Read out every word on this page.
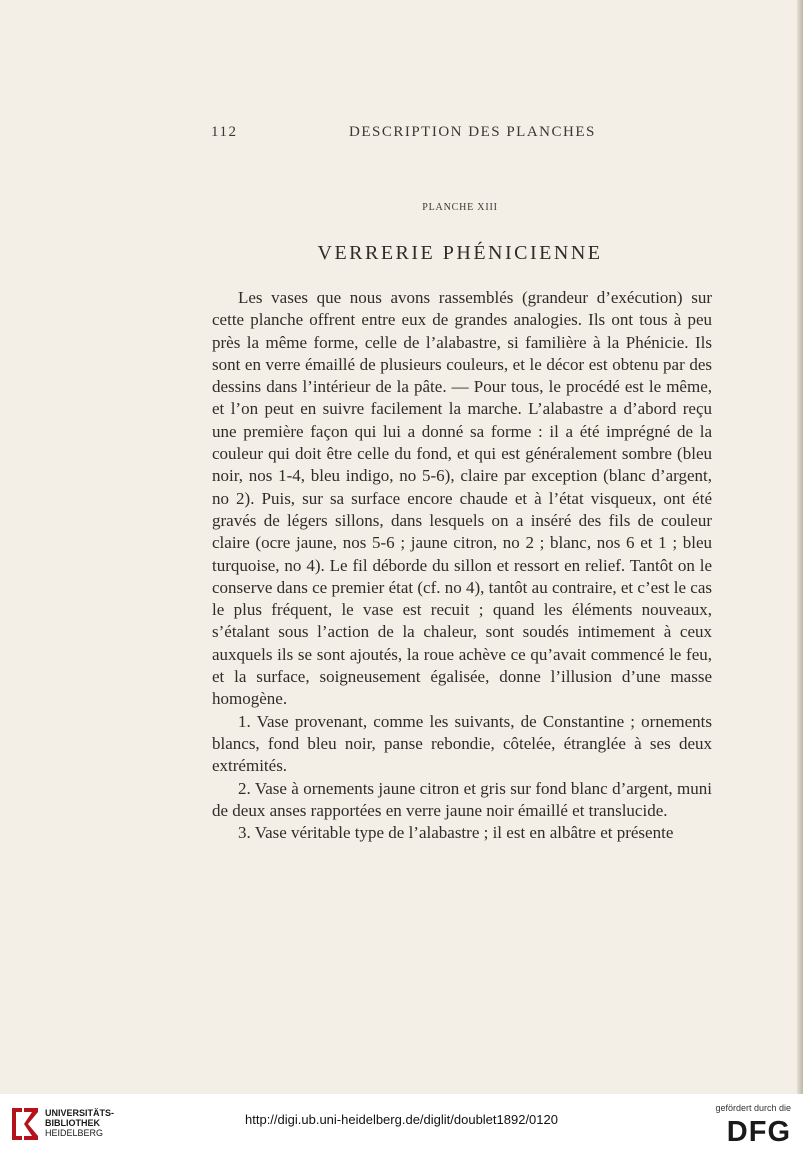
112	DESCRIPTION DES PLANCHES
PLANCHE XIII
VERRERIE PHÉNICIENNE

Les vases que nous avons rassemblés (grandeur d’exécution) sur cette planche offrent entre eux de grandes analogies. Ils ont tous à peu près la même forme, celle de l’alabastre, si familière à la Phénicie. Ils sont en verre émaillé de plusieurs couleurs, et le décor est obtenu par des dessins dans l’intérieur de la pâte. — Pour tous, le procédé est le même, et l’on peut en suivre facilement la marche. L’alabastre a d’abord reçu une première façon qui lui a donné sa forme : il a été imprégné de la couleur qui doit être celle du fond, et qui est généralement sombre (bleu noir, nos 1-4, bleu indigo, no 5-6), claire par exception (blanc d’argent, no 2). Puis, sur sa surface encore chaude et à l’état visqueux, ont été gravés de légers sillons, dans lesquels on a inséré des fils de couleur claire (ocre jaune, nos 5-6 ; jaune citron, no 2 ; blanc, nos 6 et 1 ; bleu turquoise, no 4). Le fil déborde du sillon et ressort en relief. Tantôt on le conserve dans ce premier état (cf. no 4), tantôt au contraire, et c’est le cas le plus fréquent, le vase est recuit ; quand les éléments nouveaux, s’étalant sous l’action de la chaleur, sont soudés intimement à ceux auxquels ils se sont ajoutés, la roue achève ce qu’avait commencé le feu, et la surface, soigneusement égalisée, donne l’illusion d’une masse homogène.

1. Vase provenant, comme les suivants, de Constantine ; ornements blancs, fond bleu noir, panse rebondie, côtelée, étranglée à ses deux extrémités.

2. Vase à ornements jaune citron et gris sur fond blanc d’argent, muni de deux anses rapportées en verre jaune noir émaillé et translucide.

3. Vase véritable type de l’alabastre ; il est en albâtre et présente

UNIVERSITÄTS-
BIBLIOTHEK
HEIDELBERG
http://digi.ub.uni-heidelberg.de/diglit/doublet1892/0120
gefördert durch die
DFG
